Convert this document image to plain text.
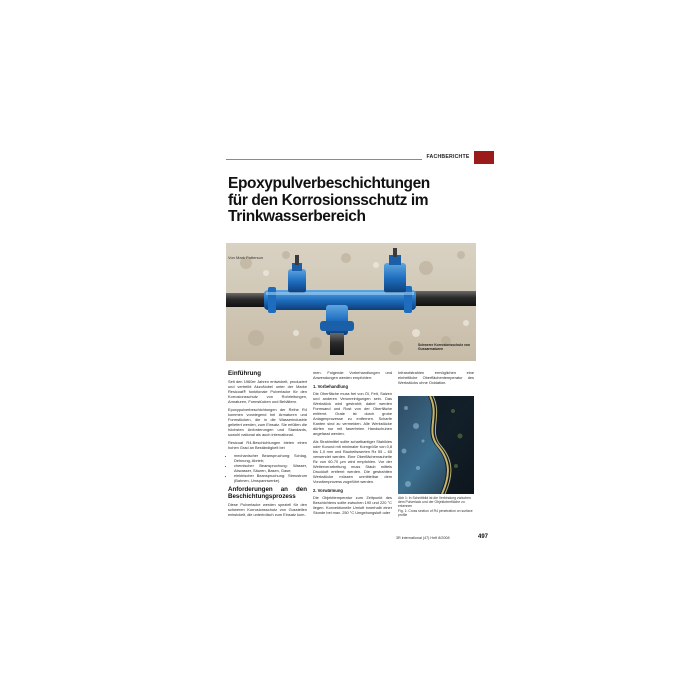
FACHBERICHTE
Epoxypulverbeschichtungen
für den Korrosionsschutz im
Trinkwasserbereich
Von Mark Patterson
Schwerer Korrosionsschutz von Gussarmaturen
Einführung

Seit den 1960er Jahren entwickelt, produziert und vertreibt AkzoNobel unter der Marke Resicoat® funktionale Pulverlacke für den Korrosionsschutz von Rohrleitungen, Armaturen, Formstücken und Behältern.

Epoxypulverbeschichtungen der Reihe R4 kommen vorwiegend bei Armaturen und Formstücken, die in die Wasserindustrie geliefert werden, zum Einsatz. Sie erfüllen die höchsten Anforderungen und Standards, sowohl national als auch international.

Resicoat R4-Beschichtungen bieten einen hohen Grad an Beständigkeit bei

• mechanischer Beanspruchung: Schlag, Dehnung, Abrieb;
• chemischer Beanspruchung: Wasser, Abwasser, Säuren, Basen, Gase;
• elektrischer Beanspruchung: Streustrom (Bahnen, Umspannwerke).
Anforderungen an den Beschichtungsprozess

Diese Pulverlacke werden speziell für den schweren Korrosionsschutz von Gussteilen entwickelt, die unterirdisch zum Einsatz kom-

men. Folgende Vorbehandlungen und Anwendungen werden empfohlen:

1. Vorbehandlung

Die Oberfläche muss frei von Öl, Fett, Salzen und anderen Verunreinigungen sein. Das Werkstück wird gestrahlt; dabei werden Formsand und Rost von der Oberfläche entfernt. Grate ist durch grobe Anlagenprozesse zu entfernen. Scharfe Kanten sind zu vermeiden. Alle Werkstücke dürfen nur mit faserfreien Handschuhen angefasst werden.

Als Strahlmittel sollte scharfkantiger Stahlkies oder Korund mit minimaler Korngröße von 0,8 bis 1,0 mm und Rauheitswerten Rz 55 – 65 verwendet werden. Eine Oberflächenrauheite Rz von 60-70 µm wird empfohlen. Vor der Weiterverarbeitung muss Staub mittels Druckluft entfernt werden. Die gestrahlten Werkstücke müssen unmittelbar dem Vorwärmprozess zugeführt werden.

2. Vorwärmung

Die Objekttemperatur zum Zeitpunkt des Beschichtens sollte zwischen 190 und 220 °C liegen. Konvektionelle Umluft innerhalb einer Stunde bei max. 250 °C Umgebungsluft oder

Infrarotstrahlen ermöglichen eine einheitliche Oberflächentemperatur des Werkstücks ohne Oxidation.

Abb 1: In Schnittbild ist die Verbindung zwischen dem Pulverlack und der Objektoberfläche zu erkennen
Fig. 1: Cross section of R4 penetration on surface profile
3R international (47) Heft 8/2008	497
